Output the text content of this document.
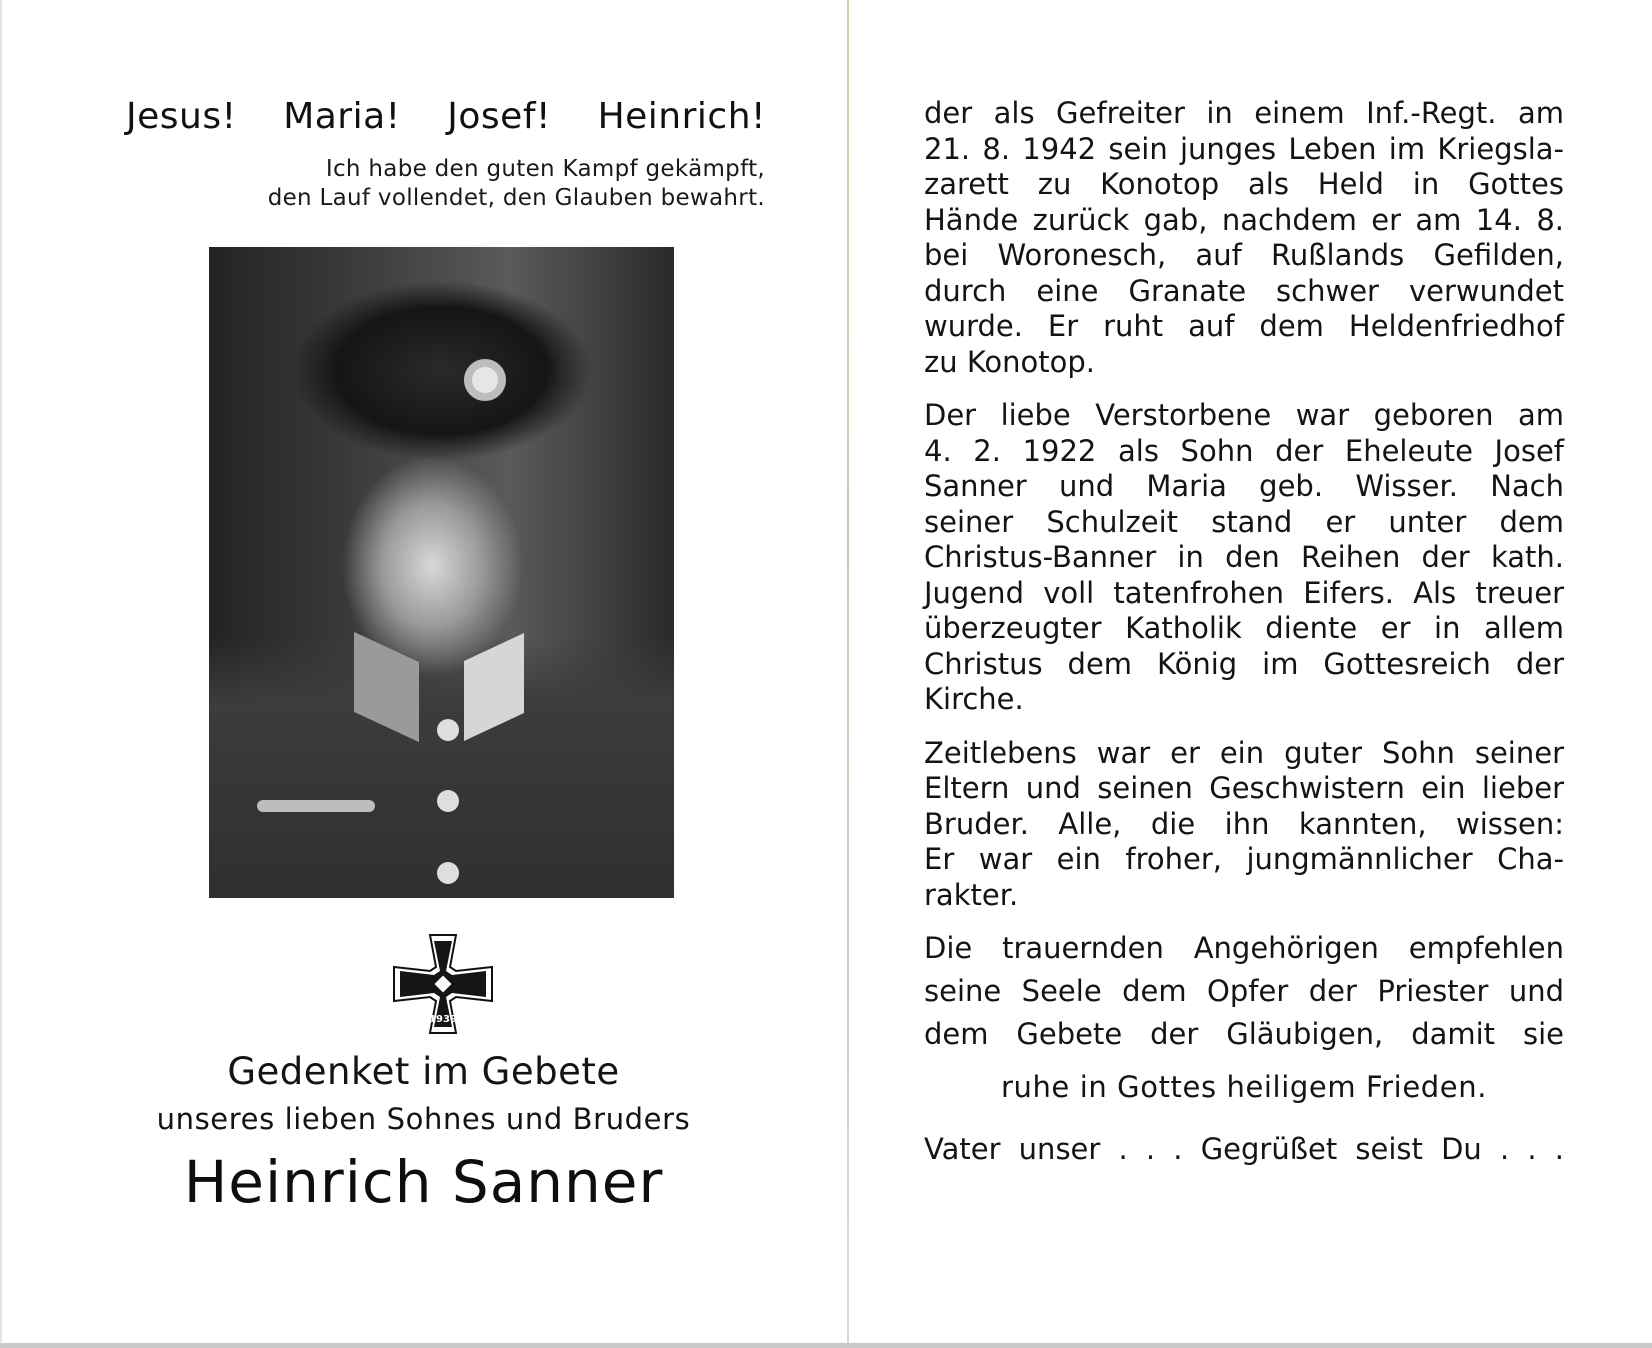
Jesus! Maria! Josef! Heinrich!
Ich habe den guten Kampf gekämpft,
den Lauf vollendet, den Glauben bewahrt.
1939
Gedenket im Gebete
unseres lieben Sohnes und Bruders
Heinrich Sanner
der als Gefreiter in einem Inf.-Regt. am
21. 8. 1942 sein junges Leben im Kriegsla-
zarett zu Konotop als Held in Gottes
Hände zurück gab, nachdem er am 14. 8.
bei Woronesch, auf Rußlands Gefilden,
durch eine Granate schwer verwundet
wurde. Er ruht auf dem Heldenfriedhof
zu Konotop.
Der liebe Verstorbene war geboren am
4. 2. 1922 als Sohn der Eheleute Josef
Sanner und Maria geb. Wisser. Nach
seiner Schulzeit stand er unter dem
Christus-Banner in den Reihen der kath.
Jugend voll tatenfrohen Eifers. Als treuer
überzeugter Katholik diente er in allem
Christus dem König im Gottesreich der
Kirche.
Zeitlebens war er ein guter Sohn seiner
Eltern und seinen Geschwistern ein lieber
Bruder. Alle, die ihn kannten, wissen:
Er war ein froher, jungmännlicher Cha-
rakter.
Die trauernden Angehörigen empfehlen
seine Seele dem Opfer der Priester und
dem Gebete der Gläubigen, damit sie
ruhe in Gottes heiligem Frieden.
Vater unser . . . Gegrüßet seist Du . . .
